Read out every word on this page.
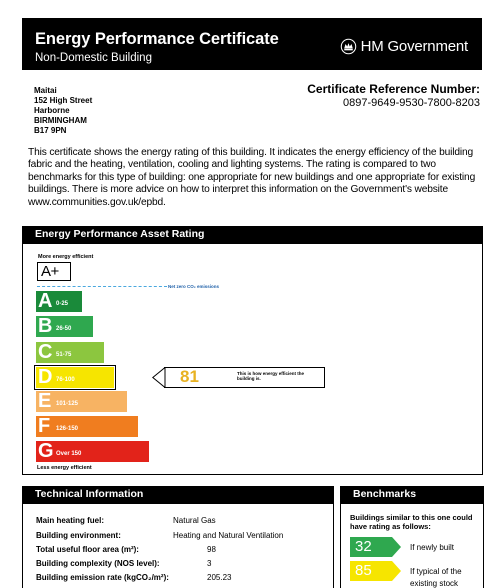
Energy Performance Certificate
Non-Domestic Building
HM Government
Maitai
152 High Street
Harborne
BIRMINGHAM
B17 9PN
Certificate Reference Number:
0897-9649-9530-7800-8203
This certificate shows the energy rating of this building. It indicates the energy efficiency of the building fabric and the heating, ventilation, cooling and lighting systems. The rating is compared to two benchmarks for this type of building: one appropriate for new buildings and one appropriate for existing buildings. There is more advice on how to interpret this information on the Government's website www.communities.gov.uk/epbd.
Energy Performance Asset Rating
More energy efficient
A+
Net zero CO₂ emissions
A 0-25
B 26-50
C 51-75
D 76-100
E 101-125
F 126-150
G Over 150
Less energy efficient
81	This is how energy efficient the building is.
Technical Information
Main heating fuel:	Natural Gas
Building environment:	Heating and Natural Ventilation
Total useful floor area (m²):	98
Building complexity (NOS level):	3
Building emission rate (kgCO₂/m²):	205.23
Benchmarks
Buildings similar to this one could have rating as follows:
32	If newly built
85	If typical of the existing stock
